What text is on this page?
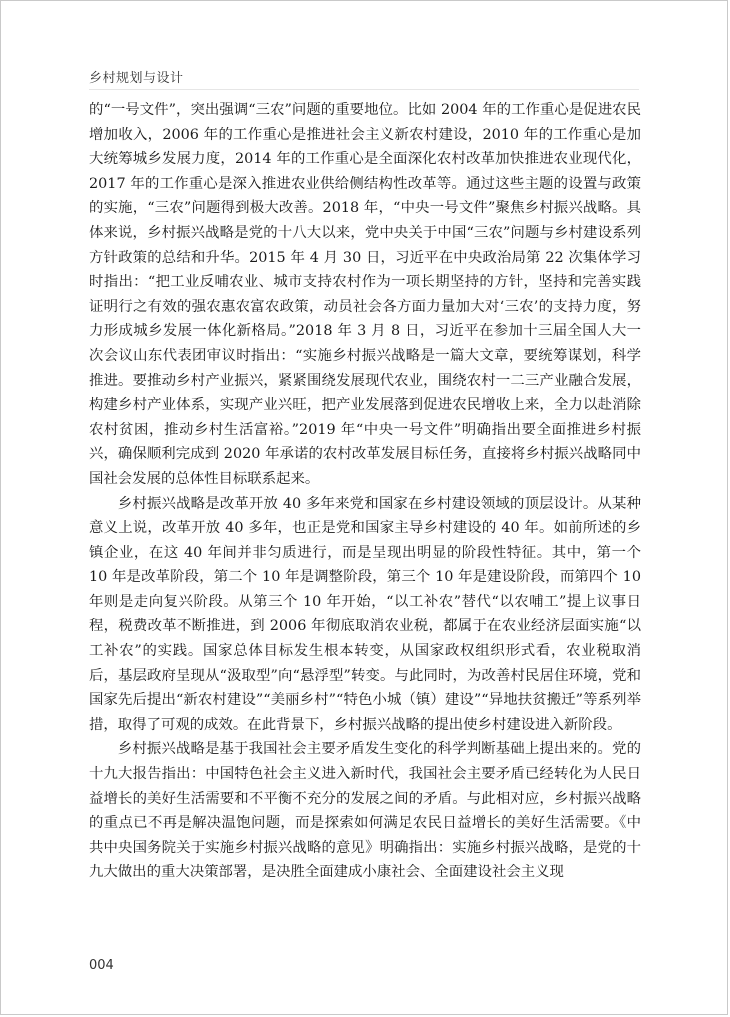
乡村规划与设计

的“一号文件”，突出强调“三农”问题的重要地位。比如 2004 年的工作重心是促进农民增加收入，2006 年的工作重心是推进社会主义新农村建设，2010 年的工作重心是加大统筹城乡发展力度，2014 年的工作重心是全面深化农村改革加快推进农业现代化，2017 年的工作重心是深入推进农业供给侧结构性改革等。通过这些主题的设置与政策的实施，“三农”问题得到极大改善。2018 年，“中央一号文件”聚焦乡村振兴战略。具体来说，乡村振兴战略是党的十八大以来，党中央关于中国“三农”问题与乡村建设系列方针政策的总结和升华。2015 年 4 月 30 日，习近平在中央政治局第 22 次集体学习时指出：“把工业反哺农业、城市支持农村作为一项长期坚持的方针，坚持和完善实践证明行之有效的强农惠农富农政策，动员社会各方面力量加大对‘三农’的支持力度，努力形成城乡发展一体化新格局。”2018 年 3 月 8 日，习近平在参加十三届全国人大一次会议山东代表团审议时指出：“实施乡村振兴战略是一篇大文章，要统筹谋划，科学推进。要推动乡村产业振兴，紧紧围绕发展现代农业，围绕农村一二三产业融合发展，构建乡村产业体系，实现产业兴旺，把产业发展落到促进农民增收上来，全力以赴消除农村贫困，推动乡村生活富裕。”2019 年“中央一号文件”明确指出要全面推进乡村振兴，确保顺利完成到 2020 年承诺的农村改革发展目标任务，直接将乡村振兴战略同中国社会发展的总体性目标联系起来。

乡村振兴战略是改革开放 40 多年来党和国家在乡村建设领域的顶层设计。从某种意义上说，改革开放 40 多年，也正是党和国家主导乡村建设的 40 年。如前所述的乡镇企业，在这 40 年间并非匀质进行，而是呈现出明显的阶段性特征。其中，第一个 10 年是改革阶段，第二个 10 年是调整阶段，第三个 10 年是建设阶段，而第四个 10 年则是走向复兴阶段。从第三个 10 年开始，“以工补农”替代“以农哺工”提上议事日程，税费改革不断推进，到 2006 年彻底取消农业税，都属于在农业经济层面实施“以工补农”的实践。国家总体目标发生根本转变，从国家政权组织形式看，农业税取消后，基层政府呈现从“汲取型”向“悬浮型”转变。与此同时，为改善村民居住环境，党和国家先后提出“新农村建设”“美丽乡村”“特色小城（镇）建设”“异地扶贫搬迁”等系列举措，取得了可观的成效。在此背景下，乡村振兴战略的提出使乡村建设进入新阶段。

乡村振兴战略是基于我国社会主要矛盾发生变化的科学判断基础上提出来的。党的十九大报告指出：中国特色社会主义进入新时代，我国社会主要矛盾已经转化为人民日益增长的美好生活需要和不平衡不充分的发展之间的矛盾。与此相对应，乡村振兴战略的重点已不再是解决温饱问题，而是探索如何满足农民日益增长的美好生活需要。《中共中央国务院关于实施乡村振兴战略的意见》明确指出：实施乡村振兴战略，是党的十九大做出的重大决策部署，是决胜全面建成小康社会、全面建设社会主义现

004
